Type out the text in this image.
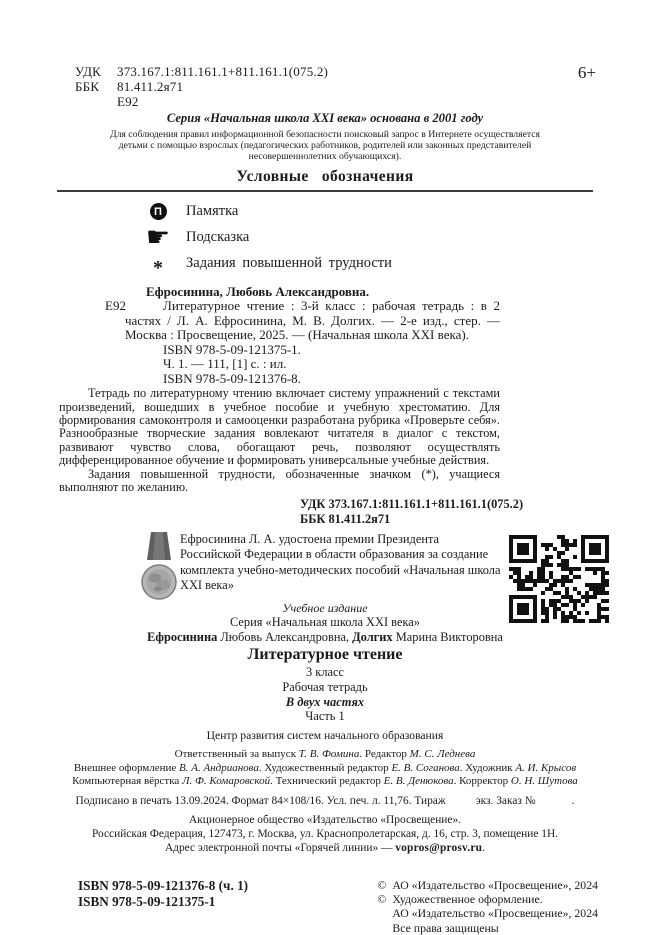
УДК 373.167.1:811.161.1+811.161.1(075.2)
ББК 81.411.2я71
Е92
6+
Серия «Начальная школа XXI века» основана в 2001 году
Для соблюдения правил информационной безопасности поисковый запрос в Интернете осуществляется детьми с помощью взрослых (педагогических работников, родителей или законных представителей несовершеннолетних обучающихся).
Условные обозначения
П	Памятка
☛ Подсказка
* Задания повышенной трудности
Ефросинина, Любовь Александровна.
Е92	Литературное чтение : 3-й класс : рабочая тетрадь : в 2 частях / Л. А. Ефросинина, М. В. Долгих. — 2-е изд., стер. — Москва : Просвещение, 2025. — (Начальная школа XXI века).
ISBN 978-5-09-121375-1.
Ч. 1. — 111, [1] с. : ил.
ISBN 978-5-09-121376-8.
Тетрадь по литературному чтению включает систему упражнений с текстами произведений, вошедших в учебное пособие и учебную хрестоматию. Для формирования самоконтроля и самооценки разработана рубрика «Проверьте себя». Разнообразные творческие задания вовлекают читателя в диалог с текстом, развивают чувство слова, обогащают речь, позволяют осуществлять дифференцированное обучение и формировать универсальные учебные действия.
Задания повышенной трудности, обозначенные значком (*), учащиеся выполняют по желанию.
УДК 373.167.1:811.161.1+811.161.1(075.2)
ББК 81.411.2я71
Ефросинина Л. А. удостоена премии Президента Российской Федерации в области образования за создание комплекта учебно-методических пособий «Начальная школа XXI века»
Учебное издание
Серия «Начальная школа XXI века»
Ефросинина Любовь Александровна, Долгих Марина Викторовна
Литературное чтение
3 класс
Рабочая тетрадь
В двух частях
Часть 1
Центр развития систем начального образования
Ответственный за выпуск Т. В. Фомина. Редактор М. С. Леднева
Внешнее оформление В. А. Андрианова. Художественный редактор Е. В. Соганова. Художник А. И. Крысов
Компьютерная вёрстка Л. Ф. Комаровской. Технический редактор Е. В. Денюкова. Корректор О. Н. Шутова
Подписано в печать 13.09.2024. Формат 84×108/16. Усл. печ. л. 11,76. Тираж	экз. Заказ №	.
Акционерное общество «Издательство «Просвещение».
Российская Федерация, 127473, г. Москва, ул. Краснопролетарская, д. 16, стр. 3, помещение 1Н.
Адрес электронной почты «Горячей линии» — vopros@prosv.ru.
ISBN 978-5-09-121376-8 (ч. 1)
ISBN 978-5-09-121375-1
© АО «Издательство «Просвещение», 2024
© Художественное оформление.
АО «Издательство «Просвещение», 2024
Все права защищены
